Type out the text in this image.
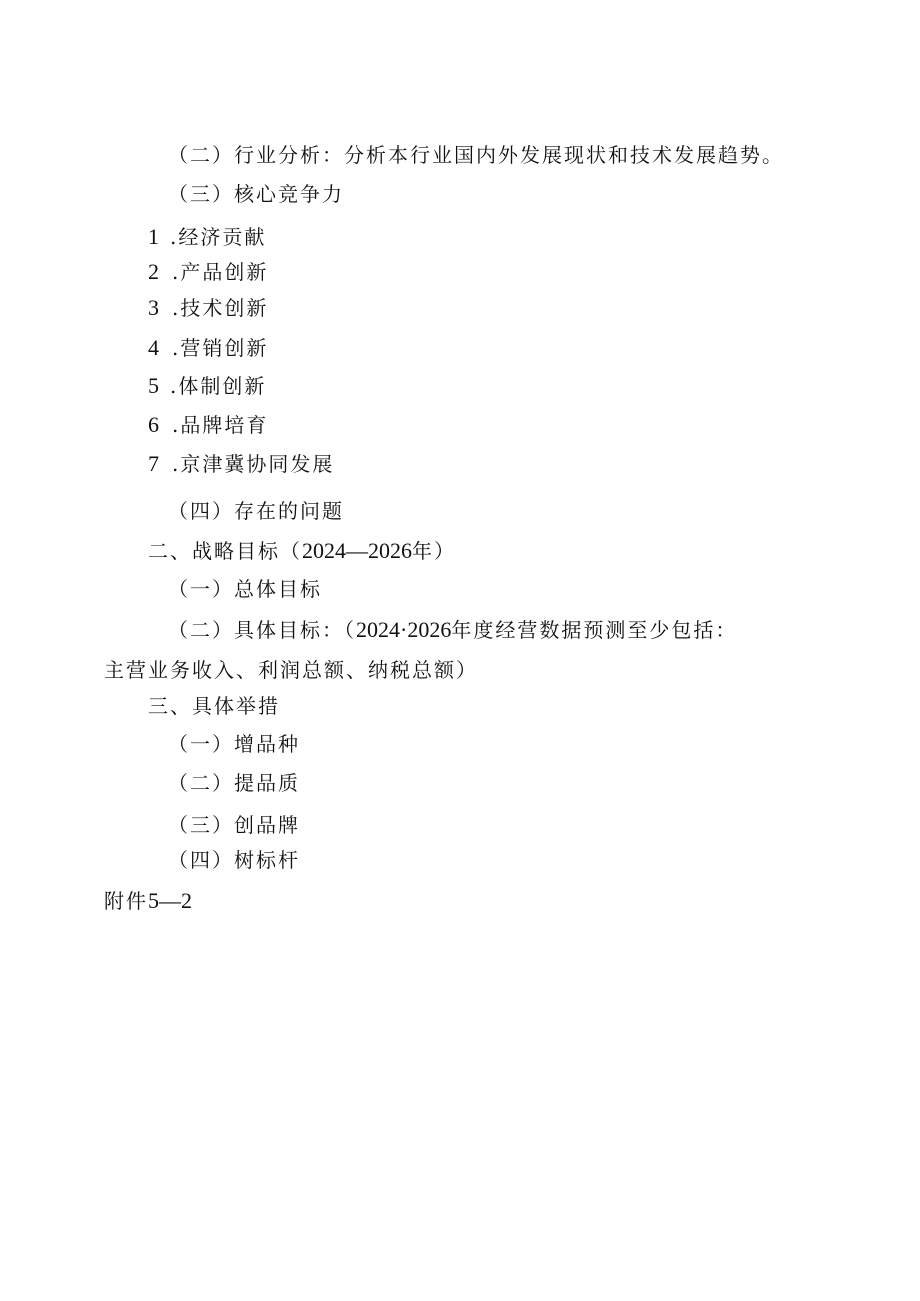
（二）行业分析：分析本行业国内外发展现状和技术发展趋势。
（三）核心竞争力
1 .经济贡献
2 .产品创新
3 .技术创新
4 .营销创新
5 .体制创新
6 .品牌培育
7 .京津冀协同发展
（四）存在的问题
二、战略目标（2024—2026年）
（一）总体目标
（二）具体目标：（2024·2026年度经营数据预测至少包括：
主营业务收入、利润总额、纳税总额）
三、具体举措
（一）增品种
（二）提品质
（三）创品牌
（四）树标杆
附件5—2
